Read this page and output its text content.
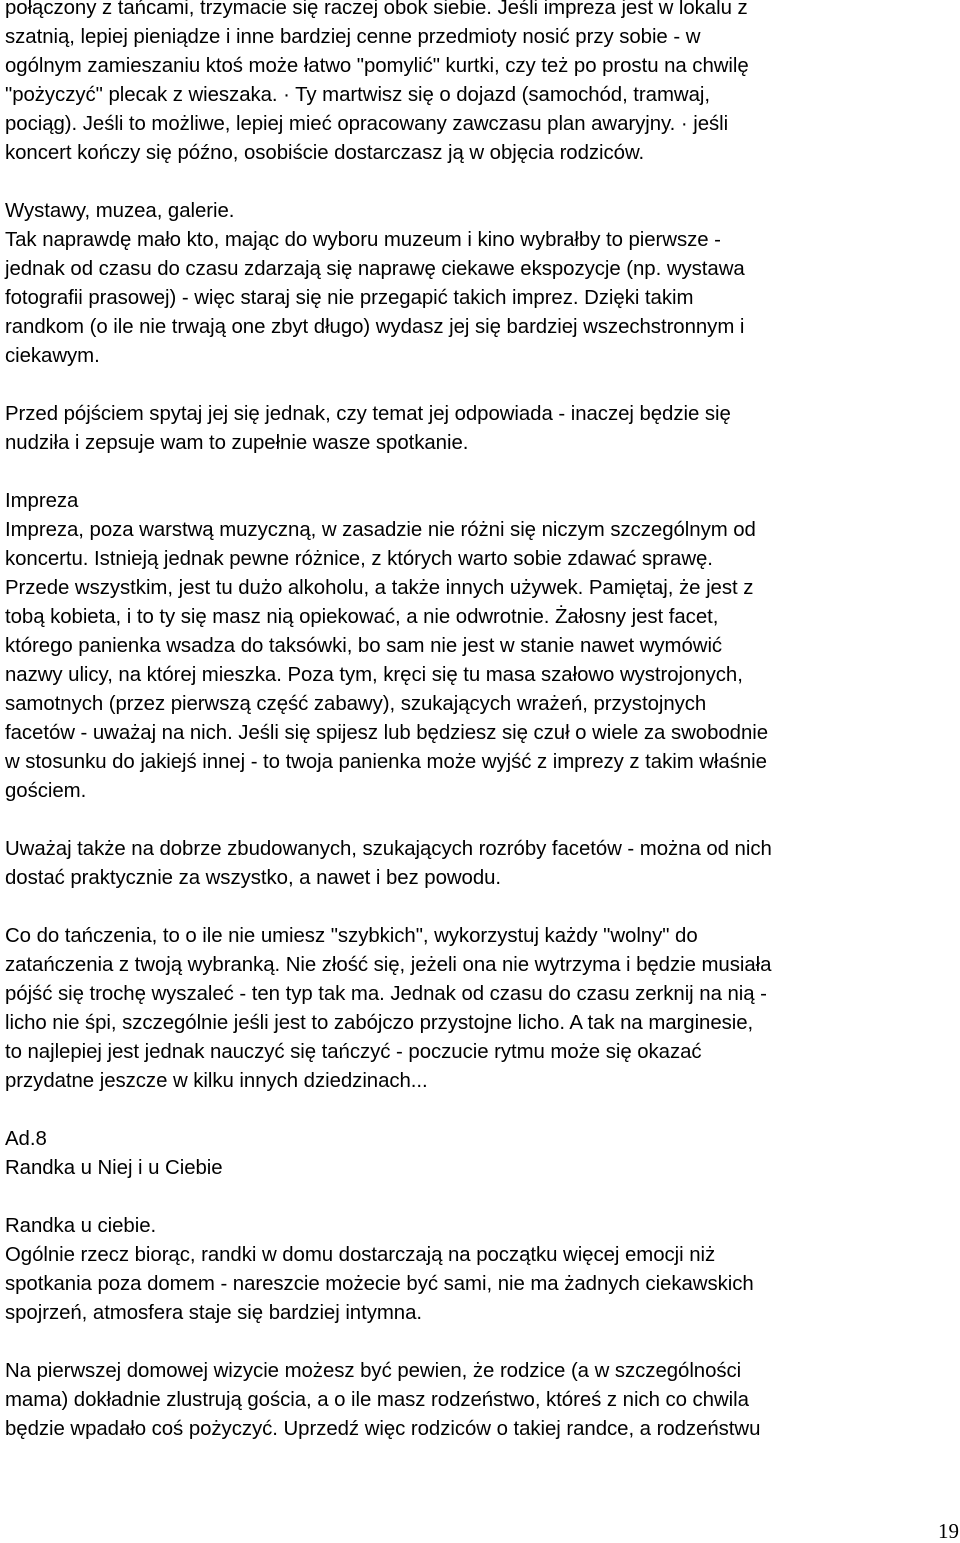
połączony z tańcami, trzymacie się raczej obok siebie. Jeśli impreza jest w lokalu z
szatnią, lepiej pieniądze i inne bardziej cenne przedmioty nosić przy sobie - w
ogólnym zamieszaniu ktoś może łatwo "pomylić" kurtki, czy też po prostu na chwilę
"pożyczyć" plecak z wieszaka. · Ty martwisz się o dojazd (samochód, tramwaj,
pociąg). Jeśli to możliwe, lepiej mieć opracowany zawczasu plan awaryjny. · jeśli
koncert kończy się późno, osobiście dostarczasz ją w objęcia rodziców.
Wystawy, muzea, galerie.
Tak naprawdę mało kto, mając do wyboru muzeum i kino wybrałby to pierwsze -
jednak od czasu do czasu zdarzają się naprawę ciekawe ekspozycje (np. wystawa
fotografii prasowej) - więc staraj się nie przegapić takich imprez. Dzięki takim
randkom (o ile nie trwają one zbyt długo) wydasz jej się bardziej wszechstronnym i
ciekawym.
Przed pójściem spytaj jej się jednak, czy temat jej odpowiada - inaczej będzie się
nudziła i zepsuje wam to zupełnie wasze spotkanie.
Impreza
Impreza, poza warstwą muzyczną, w zasadzie nie różni się niczym szczególnym od
koncertu. Istnieją jednak pewne różnice, z których warto sobie zdawać sprawę.
Przede wszystkim, jest tu dużo alkoholu, a także innych używek. Pamiętaj, że jest z
tobą kobieta, i to ty się masz nią opiekować, a nie odwrotnie. Żałosny jest facet,
którego panienka wsadza do taksówki, bo sam nie jest w stanie nawet wymówić
nazwy ulicy, na której mieszka. Poza tym, kręci się tu masa szałowo wystrojonych,
samotnych (przez pierwszą część zabawy), szukających wrażeń, przystojnych
facetów - uważaj na nich. Jeśli się spijesz lub będziesz się czuł o wiele za swobodnie
w stosunku do jakiejś innej - to twoja panienka może wyjść z imprezy z takim właśnie
gościem.
Uważaj także na dobrze zbudowanych, szukających rozróby facetów - można od nich
dostać praktycznie za wszystko, a nawet i bez powodu.
Co do tańczenia, to o ile nie umiesz "szybkich", wykorzystuj każdy "wolny" do
zatańczenia z twoją wybranką. Nie złość się, jeżeli ona nie wytrzyma i będzie musiała
pójść się trochę wyszaleć - ten typ tak ma. Jednak od czasu do czasu zerknij na nią -
licho nie śpi, szczególnie jeśli jest to zabójczo przystojne licho. A tak na marginesie,
to najlepiej jest jednak nauczyć się tańczyć - poczucie rytmu może się okazać
przydatne jeszcze w kilku innych dziedzinach...
Ad.8
Randka u Niej i u Ciebie
Randka u ciebie.
Ogólnie rzecz biorąc, randki w domu dostarczają na początku więcej emocji niż
spotkania poza domem - nareszcie możecie być sami, nie ma żadnych ciekawskich
spojrzeń, atmosfera staje się bardziej intymna.
Na pierwszej domowej wizycie możesz być pewien, że rodzice (a w szczególności
mama) dokładnie zlustrują gościa, a o ile masz rodzeństwo, któreś z nich co chwila
będzie wpadało coś pożyczyć. Uprzedź więc rodziców o takiej randce, a rodzeństwu
19
